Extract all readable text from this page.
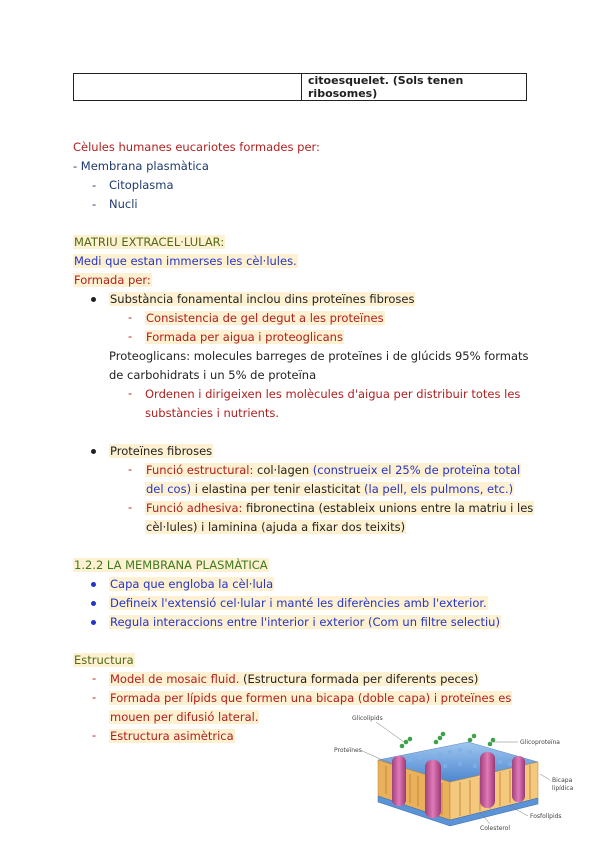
	citoesquelet. (Sols tenen ribosomes)
Cèlules humanes eucariotes formades per:
- Membrana plasmàtica
- Citoplasma
- Nucli
MATRIU EXTRACEL·LULAR:
Medi que estan immerses les cèl·lules.
Formada per:
Substància fonamental inclou dins proteïnes fibroses
- Consistencia de gel degut a les proteïnes
- Formada per aigua i proteoglicans
Proteoglicans: molecules barreges de proteïnes i de glúcids 95% formats
de carbohidrats i un 5% de proteïna
- Ordenen i dirigeixen les molècules d'aigua per distribuir totes les
substàncies i nutrients.
Proteïnes fibroses
- Funció estructural: col·lagen (construeix el 25% de proteïna total
del cos) i elastina per tenir elasticitat (la pell, els pulmons, etc.)
- Funció adhesiva: fibronectina (estableix unions entre la matriu i les
cèl·lules) i laminina (ajuda a fixar dos teixits)
1.2.2 LA MEMBRANA PLASMÀTICA
Capa que engloba la cèl·lula
Defineix l'extensió cel·lular i manté les diferències amb l'exterior.
Regula interaccions entre l'interior i exterior (Com un filtre selectiu)
Estructura
- Model de mosaic fluid. (Estructura formada per diferents peces)
- Formada per lípids que formen una bicapa (doble capa) i proteïnes es
mouen per difusió lateral.
- Estructura asimètrica
Glicolípids
Proteïnes
Glicoproteïna
Bicapa
lipídica
Fosfolípids
Colesterol
